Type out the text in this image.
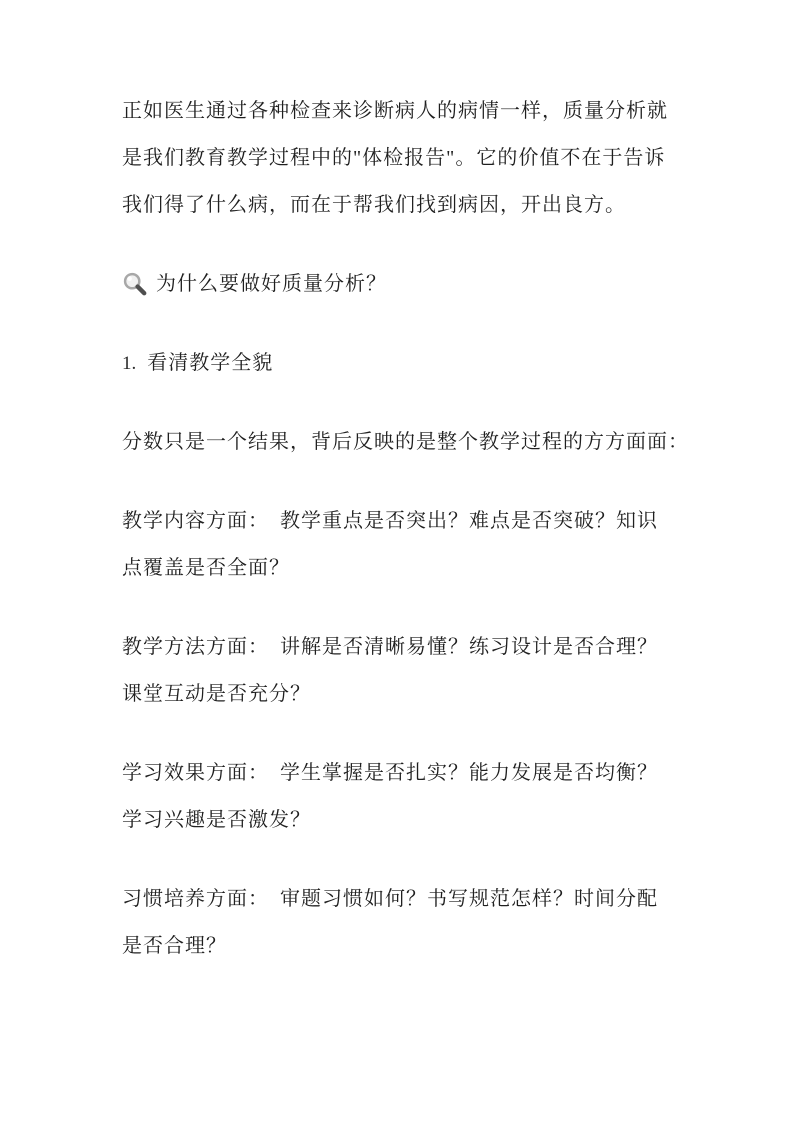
正如医生通过各种检查来诊断病人的病情一样，质量分析就
是我们教育教学过程中的"体检报告"。它的价值不在于告诉
我们得了什么病，而在于帮我们找到病因，开出良方。
为什么要做好质量分析？
1. 看清教学全貌
分数只是一个结果，背后反映的是整个教学过程的方方面面：
教学内容方面：　教学重点是否突出？难点是否突破？知识
点覆盖是否全面？
教学方法方面：　讲解是否清晰易懂？练习设计是否合理？
课堂互动是否充分？
学习效果方面：　学生掌握是否扎实？能力发展是否均衡？
学习兴趣是否激发？
习惯培养方面：　审题习惯如何？书写规范怎样？时间分配
是否合理？
